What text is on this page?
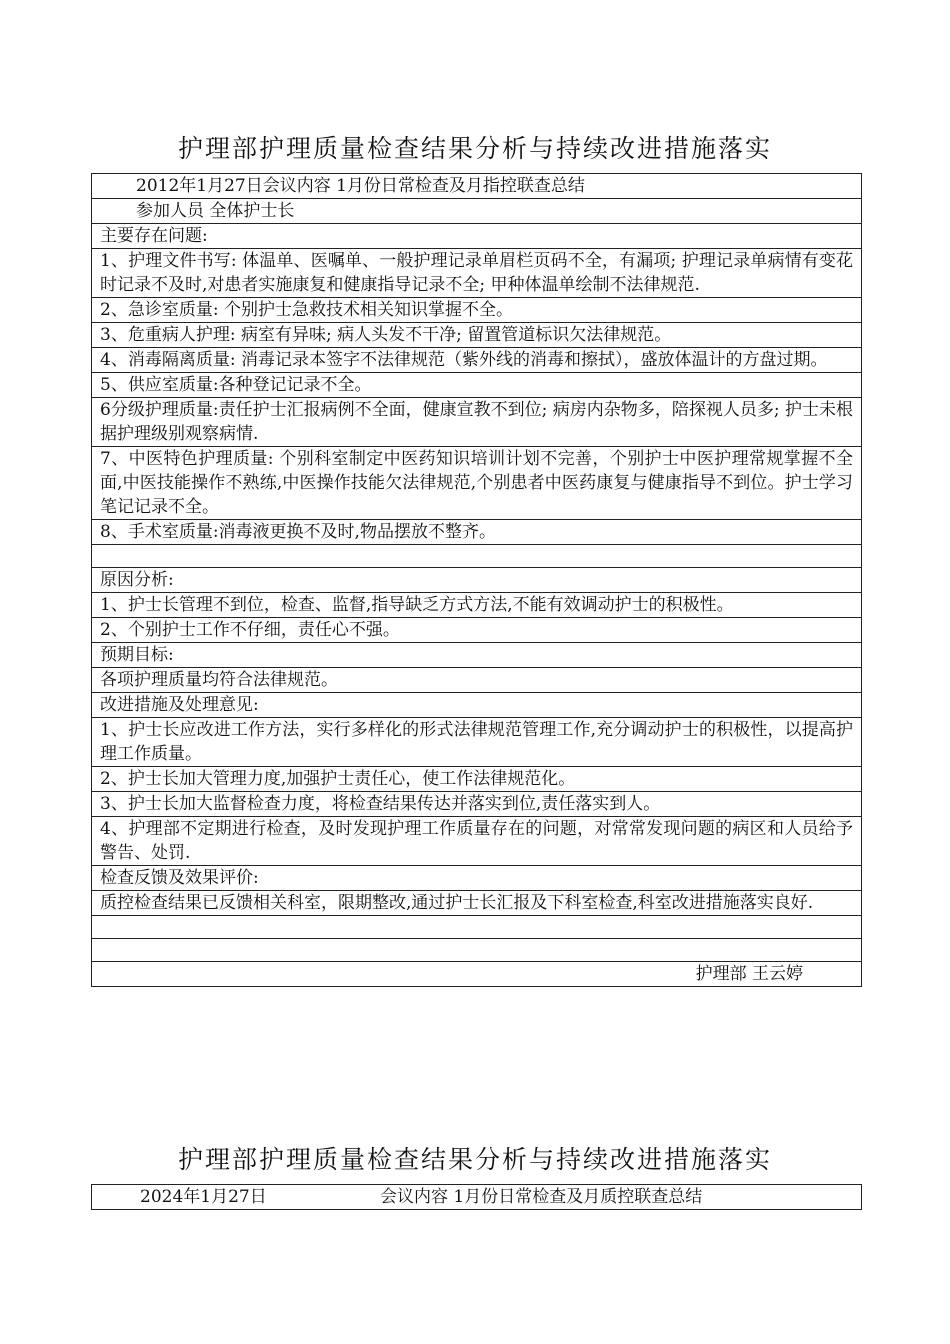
护理部护理质量检查结果分析与持续改进措施落实
2012年1月27日会议内容 1月份日常检查及月指控联查总结
参加人员 全体护士长
主要存在问题:
1、护理文件书写: 体温单、医嘱单、一般护理记录单眉栏页码不全，有漏项; 护理记录单病情有变花时记录不及时,对患者实施康复和健康指导记录不全; 甲种体温单绘制不法律规范.
2、急诊室质量: 个别护士急救技术相关知识掌握不全。
3、危重病人护理: 病室有异味; 病人头发不干净; 留置管道标识欠法律规范。
4、消毒隔离质量: 消毒记录本签字不法律规范（紫外线的消毒和擦拭），盛放体温计的方盘过期。
5、供应室质量:各种登记记录不全。
6分级护理质量:责任护士汇报病例不全面，健康宣教不到位; 病房内杂物多，陪探视人员多; 护士未根据护理级别观察病情.
7、中医特色护理质量: 个别科室制定中医药知识培训计划不完善，个别护士中医护理常规掌握不全面,中医技能操作不熟练,中医操作技能欠法律规范,个别患者中医药康复与健康指导不到位。护士学习笔记记录不全。
8、手术室质量:消毒液更换不及时,物品摆放不整齐。

原因分析:
1、护士长管理不到位，检查、监督,指导缺乏方式方法,不能有效调动护士的积极性。
2、个别护士工作不仔细，责任心不强。
预期目标:
各项护理质量均符合法律规范。
改进措施及处理意见:
1、护士长应改进工作方法，实行多样化的形式法律规范管理工作,充分调动护士的积极性，以提高护理工作质量。
2、护士长加大管理力度,加强护士责任心，使工作法律规范化。
3、护士长加大监督检查力度，将检查结果传达并落实到位,责任落实到人。
4、护理部不定期进行检查，及时发现护理工作质量存在的问题，对常常发现问题的病区和人员给予警告、处罚.
检查反馈及效果评价:
质控检查结果已反馈相关科室，限期整改,通过护士长汇报及下科室检查,科室改进措施落实良好.

护理部 王云婷
护理部护理质量检查结果分析与持续改进措施落实
2024年1月27日	会议内容 1月份日常检查及月质控联查总结
